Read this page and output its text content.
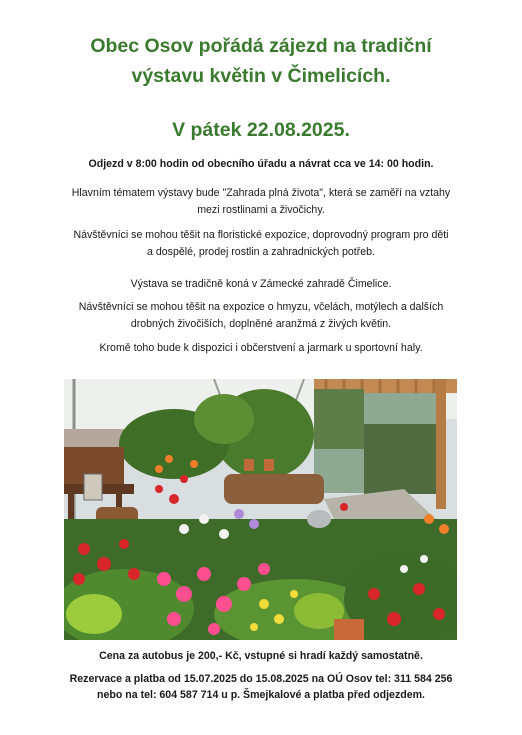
Obec Osov pořádá zájezd na tradiční
výstavu květin v Čimelicích.
V pátek 22.08.2025.
Odjezd v 8:00 hodin od obecního úřadu a návrat cca ve 14: 00 hodin.
Hlavním tématem výstavy bude "Zahrada plná života", která se zaměří na vztahy
mezi rostlinami a živočichy.
Návštěvníci se mohou těšit na floristické expozice, doprovodný program pro děti
a dospělé, prodej rostlin a zahradnických potřeb.
Výstava se tradičně koná v Zámecké zahradě Čimelice.
Návštěvníci se mohou těšit na expozice o hmyzu, včelách, motýlech a dalších
drobných živočiších, doplněné aranžmá z živých květin.
Kromě toho bude k dispozici i občerstvení a jarmark u sportovní haly.
Cena za autobus je 200,- Kč, vstupné si hradí každý samostatně.
Rezervace a platba od 15.07.2025 do 15.08.2025 na OÚ Osov tel: 311 584 256
nebo na tel: 604 587 714 u p. Šmejkalové a platba před odjezdem.
